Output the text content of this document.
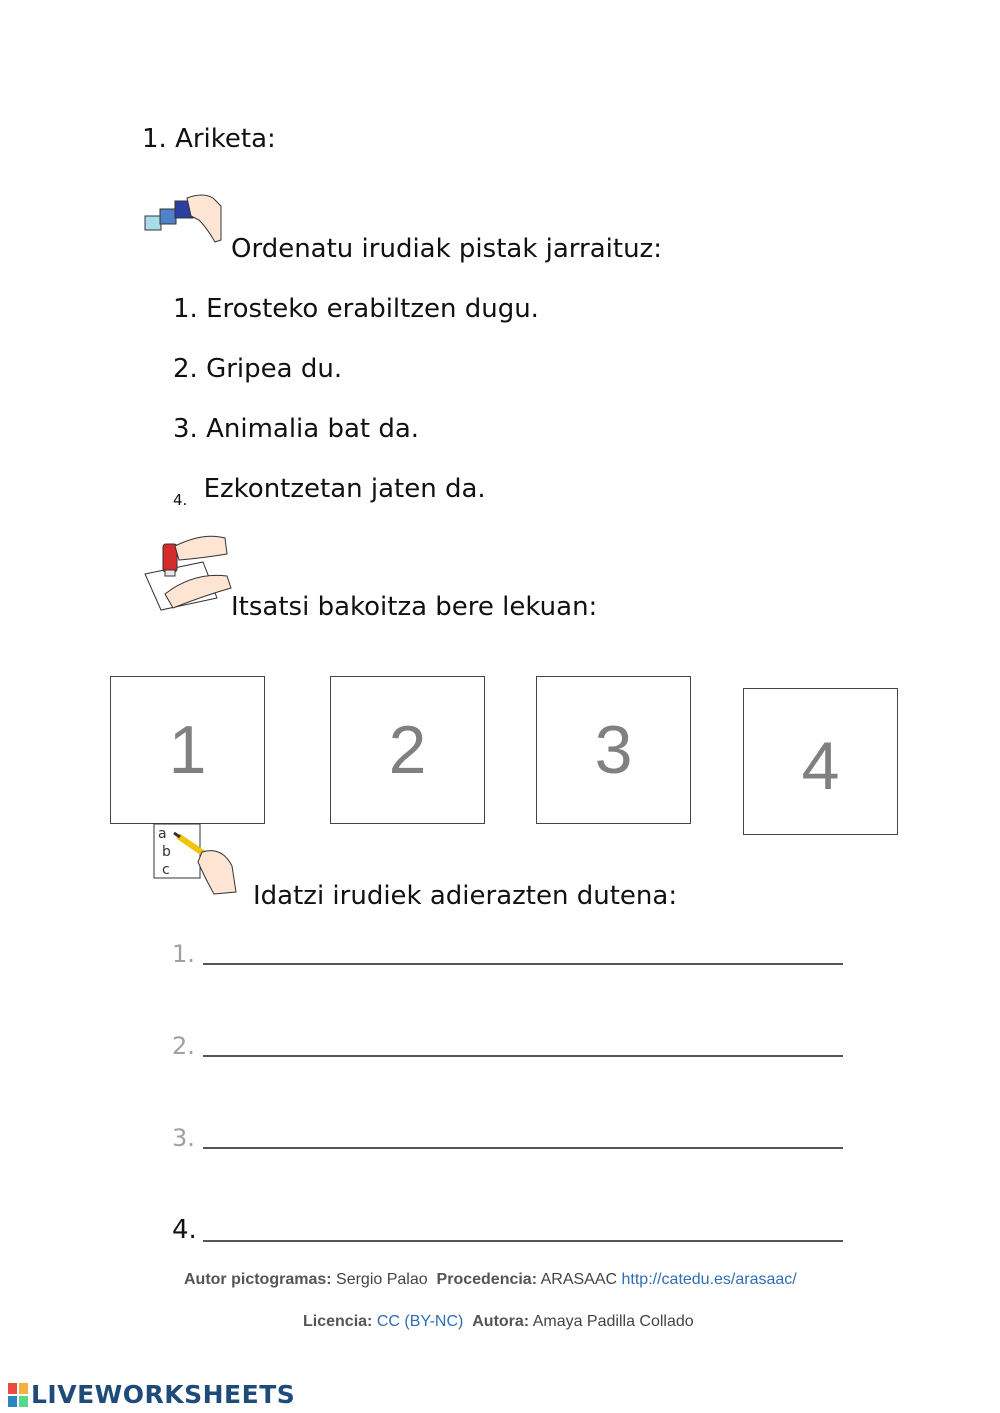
1. Ariketa:
Ordenatu irudiak pistak jarraituz:
1. Erosteko erabiltzen dugu.
2. Gripea du.
3. Animalia bat da.
$_{4.}$ Ezkontzetan jaten da.
Itsatsi bakoitza bere lekuan:
1	2 3 4
a
b
c
Idatzi irudiek adierazten dutena:
1.
2.
3.
4.
Autor pictogramas: Sergio Palao Procedencia: ARASAAC http://catedu.es/arasaac/
Licencia: CC (BY-NC) Autora: Amaya Padilla Collado
LIVEWORKSHEETS
